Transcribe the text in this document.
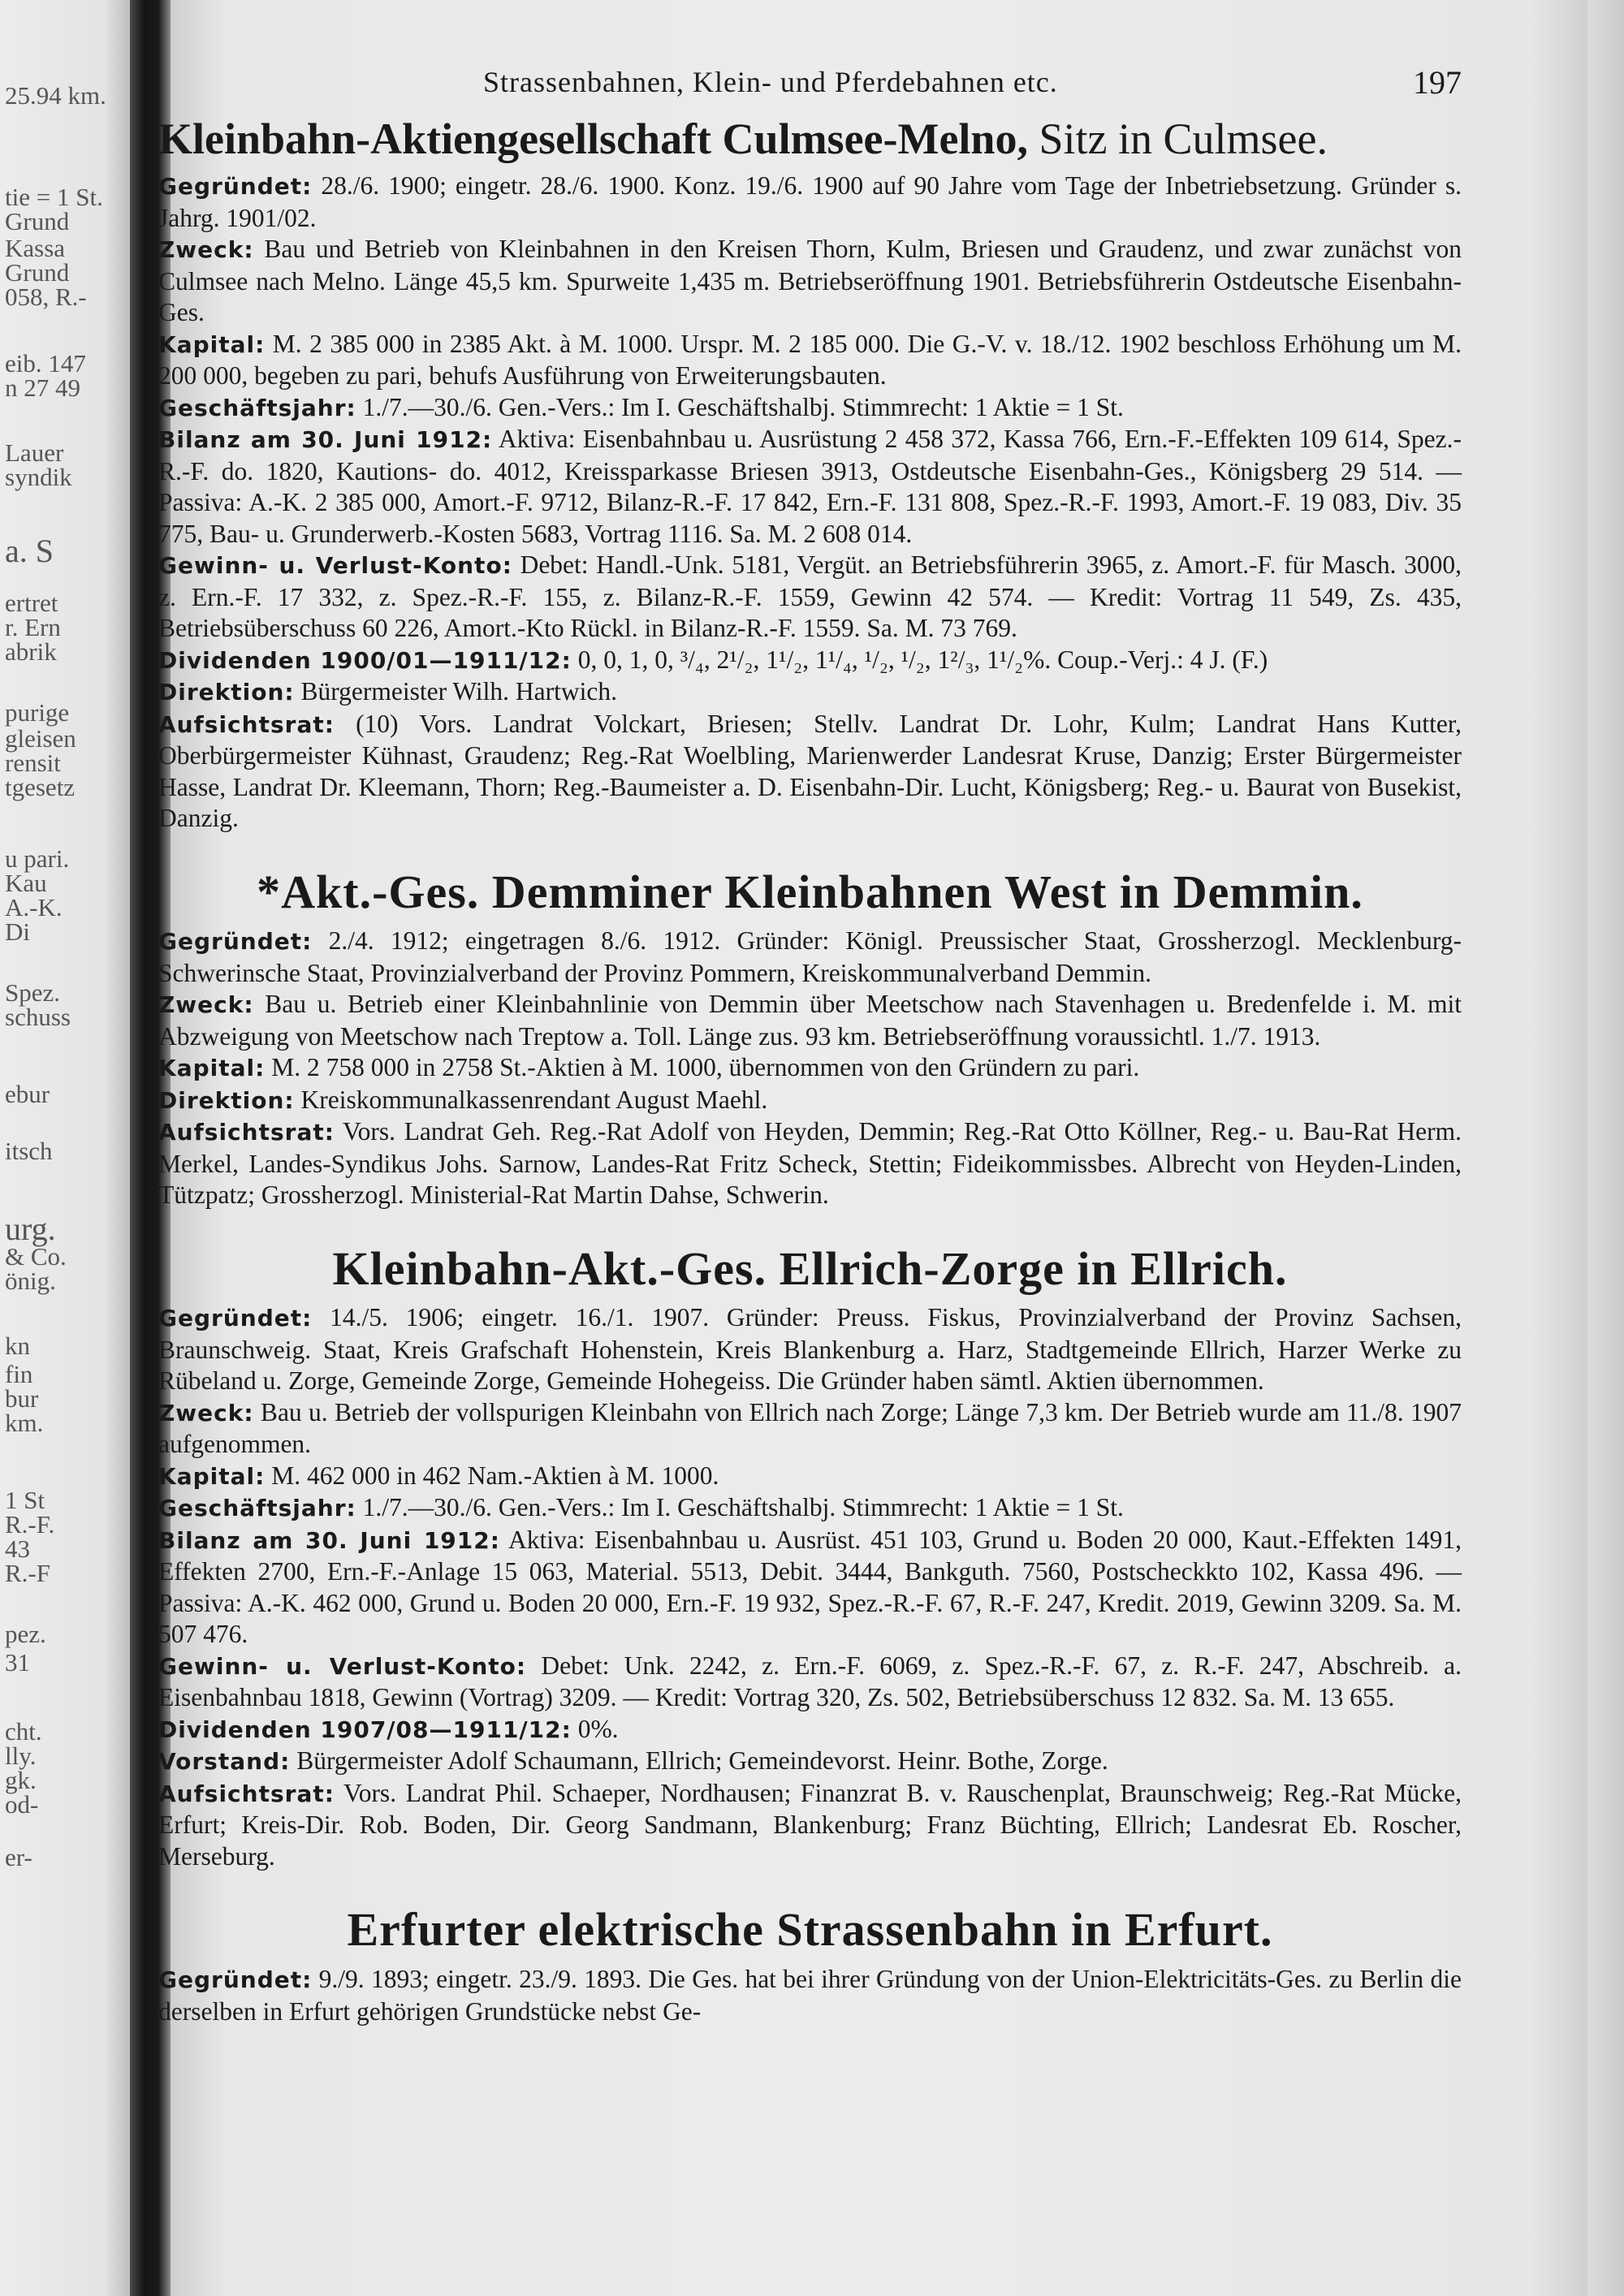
25.94 km.
tie = 1 St.
Grund
Kassa
Grund
058, R.-
eib. 147
n 27 49
Lauer
syndik
a. S
ertret
r. Ern
abrik
purige
gleisen
rensit
tgesetz
u pari.
Kau
A.-K.
Di
Spez.
schuss
ebur
itsch
urg.
& Co.
önig.
kn
fin
bur
km.
1 St
R.-F.
43
R.-F
pez.
31
cht.
lly.
gk.
od-
er-
Strassenbahnen, Klein- und Pferdebahnen etc.	197
Kleinbahn-Aktiengesellschaft Culmsee-Melno, Sitz in Culmsee.

Gegründet: 28./6. 1900; eingetr. 28./6. 1900. Konz. 19./6. 1900 auf 90 Jahre vom Tage der Inbetriebsetzung. Gründer s. Jahrg. 1901/02.

Zweck: Bau und Betrieb von Kleinbahnen in den Kreisen Thorn, Kulm, Briesen und Graudenz, und zwar zunächst von Culmsee nach Melno. Länge 45,5 km. Spurweite 1,435 m. Betriebseröffnung 1901. Betriebsführerin Ostdeutsche Eisenbahn-Ges.

Kapital: M. 2 385 000 in 2385 Akt. à M. 1000. Urspr. M. 2 185 000. Die G.-V. v. 18./12. 1902 beschloss Erhöhung um M. 200 000, begeben zu pari, behufs Ausführung von Erweiterungsbauten.

Geschäftsjahr: 1./7.—30./6. Gen.-Vers.: Im I. Geschäftshalbj. Stimmrecht: 1 Aktie = 1 St.

Bilanz am 30. Juni 1912: Aktiva: Eisenbahnbau u. Ausrüstung 2 458 372, Kassa 766, Ern.-F.-Effekten 109 614, Spez.-R.-F. do. 1820, Kautions- do. 4012, Kreissparkasse Briesen 3913, Ostdeutsche Eisenbahn-Ges., Königsberg 29 514. — Passiva: A.-K. 2 385 000, Amort.-F. 9712, Bilanz-R.-F. 17 842, Ern.-F. 131 808, Spez.-R.-F. 1993, Amort.-F. 19 083, Div. 35 775, Bau- u. Grunderwerb.-Kosten 5683, Vortrag 1116. Sa. M. 2 608 014.

Gewinn- u. Verlust-Konto: Debet: Handl.-Unk. 5181, Vergüt. an Betriebsführerin 3965, z. Amort.-F. für Masch. 3000, z. Ern.-F. 17 332, z. Spez.-R.-F. 155, z. Bilanz-R.-F. 1559, Gewinn 42 574. — Kredit: Vortrag 11 549, Zs. 435, Betriebsüberschuss 60 226, Amort.-Kto Rückl. in Bilanz-R.-F. 1559. Sa. M. 73 769.

Dividenden 1900/01—1911/12: 0, 0, 1, 0, ³/₄, 2¹/₂, 1¹/₂, 1¹/₄, ¹/₂, ¹/₂, 1²/₃, 1¹/₂%. Coup.-Verj.: 4 J. (F.)

Direktion: Bürgermeister Wilh. Hartwich.

Aufsichtsrat: (10) Vors. Landrat Volckart, Briesen; Stellv. Landrat Dr. Lohr, Kulm; Landrat Hans Kutter, Oberbürgermeister Kühnast, Graudenz; Reg.-Rat Woelbling, Marienwerder Landesrat Kruse, Danzig; Erster Bürgermeister Hasse, Landrat Dr. Kleemann, Thorn; Reg.-Baumeister a. D. Eisenbahn-Dir. Lucht, Königsberg; Reg.- u. Baurat von Busekist, Danzig.

*Akt.-Ges. Demminer Kleinbahnen West in Demmin.

Gegründet: 2./4. 1912; eingetragen 8./6. 1912. Gründer: Königl. Preussischer Staat, Grossherzogl. Mecklenburg-Schwerinsche Staat, Provinzialverband der Provinz Pommern, Kreiskommunalverband Demmin.

Zweck: Bau u. Betrieb einer Kleinbahnlinie von Demmin über Meetschow nach Stavenhagen u. Bredenfelde i. M. mit Abzweigung von Meetschow nach Treptow a. Toll. Länge zus. 93 km. Betriebseröffnung voraussichtl. 1./7. 1913.

Kapital: M. 2 758 000 in 2758 St.-Aktien à M. 1000, übernommen von den Gründern zu pari.

Direktion: Kreiskommunalkassenrendant August Maehl.

Aufsichtsrat: Vors. Landrat Geh. Reg.-Rat Adolf von Heyden, Demmin; Reg.-Rat Otto Köllner, Reg.- u. Bau-Rat Herm. Merkel, Landes-Syndikus Johs. Sarnow, Landes-Rat Fritz Scheck, Stettin; Fideikommissbes. Albrecht von Heyden-Linden, Tützpatz; Grossherzogl. Ministerial-Rat Martin Dahse, Schwerin.

Kleinbahn-Akt.-Ges. Ellrich-Zorge in Ellrich.

Gegründet: 14./5. 1906; eingetr. 16./1. 1907. Gründer: Preuss. Fiskus, Provinzialverband der Provinz Sachsen, Braunschweig. Staat, Kreis Grafschaft Hohenstein, Kreis Blankenburg a. Harz, Stadtgemeinde Ellrich, Harzer Werke zu Rübeland u. Zorge, Gemeinde Zorge, Gemeinde Hohegeiss. Die Gründer haben sämtl. Aktien übernommen.

Zweck: Bau u. Betrieb der vollspurigen Kleinbahn von Ellrich nach Zorge; Länge 7,3 km. Der Betrieb wurde am 11./8. 1907 aufgenommen.

Kapital: M. 462 000 in 462 Nam.-Aktien à M. 1000.

Geschäftsjahr: 1./7.—30./6. Gen.-Vers.: Im I. Geschäftshalbj. Stimmrecht: 1 Aktie = 1 St.

Bilanz am 30. Juni 1912: Aktiva: Eisenbahnbau u. Ausrüst. 451 103, Grund u. Boden 20 000, Kaut.-Effekten 1491, Effekten 2700, Ern.-F.-Anlage 15 063, Material. 5513, Debit. 3444, Bankguth. 7560, Postscheckkto 102, Kassa 496. — Passiva: A.-K. 462 000, Grund u. Boden 20 000, Ern.-F. 19 932, Spez.-R.-F. 67, R.-F. 247, Kredit. 2019, Gewinn 3209. Sa. M. 507 476.

Gewinn- u. Verlust-Konto: Debet: Unk. 2242, z. Ern.-F. 6069, z. Spez.-R.-F. 67, z. R.-F. 247, Abschreib. a. Eisenbahnbau 1818, Gewinn (Vortrag) 3209. — Kredit: Vortrag 320, Zs. 502, Betriebsüberschuss 12 832. Sa. M. 13 655.

Dividenden 1907/08—1911/12: 0%.

Vorstand: Bürgermeister Adolf Schaumann, Ellrich; Gemeindevorst. Heinr. Bothe, Zorge.

Aufsichtsrat: Vors. Landrat Phil. Schaeper, Nordhausen; Finanzrat B. v. Rauschenplat, Braunschweig; Reg.-Rat Mücke, Erfurt; Kreis-Dir. Rob. Boden, Dir. Georg Sandmann, Blankenburg; Franz Büchting, Ellrich; Landesrat Eb. Roscher, Merseburg.

Erfurter elektrische Strassenbahn in Erfurt.

Gegründet: 9./9. 1893; eingetr. 23./9. 1893. Die Ges. hat bei ihrer Gründung von der Union-Elektricitäts-Ges. zu Berlin die derselben in Erfurt gehörigen Grundstücke nebst Ge-
